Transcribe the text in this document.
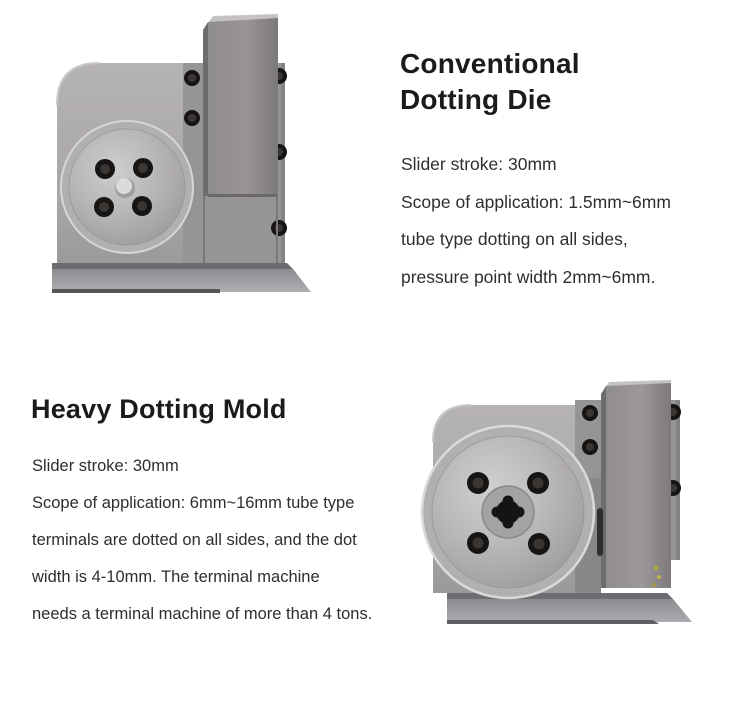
Conventional
Dotting Die
Slider stroke: 30mm
Scope of application: 1.5mm~6mm
tube type dotting on all sides,
pressure point width 2mm~6mm.
Heavy Dotting Mold
Slider stroke: 30mm
Scope of application: 6mm~16mm tube type
terminals are dotted on all sides, and the dot
width is 4-10mm. The terminal machine
needs a terminal machine of more than 4 tons.
